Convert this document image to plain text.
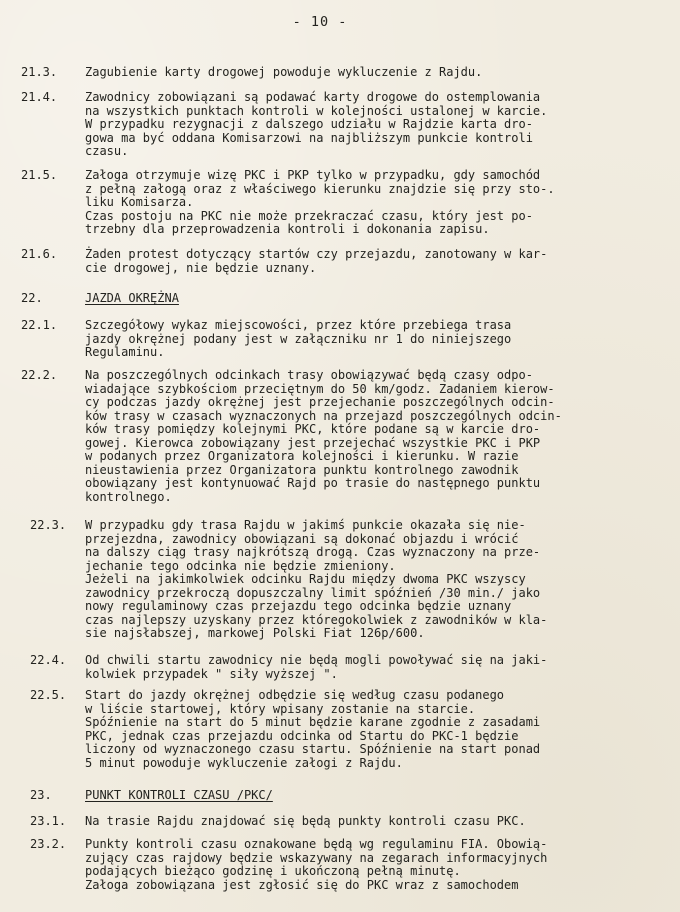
- 10 -
21.3. Zagubienie karty drogowej powoduje wykluczenie z Rajdu.
21.4. Zawodnicy zobowiązani są podawać karty drogowe do ostemplowania
na wszystkich punktach kontroli w kolejności ustalonej w karcie.
W przypadku rezygnacji z dalszego udziału w Rajdzie karta dro-
gowa ma być oddana Komisarzowi na najbliższym punkcie kontroli
czasu.
21.5. Załoga otrzymuje wizę PKC i PKP tylko w przypadku, gdy samochód
z pełną załogą oraz z właściwego kierunku znajdzie się przy sto-.
liku Komisarza.
Czas postoju na PKC nie może przekraczać czasu, który jest po-
trzebny dla przeprowadzenia kontroli i dokonania zapisu.
21.6. Żaden protest dotyczący startów czy przejazdu, zanotowany w kar-
cie drogowej, nie będzie uznany.
22.	JAZDA OKRĘŻNA
22.1. Szczegółowy wykaz miejscowości, przez które przebiega trasa
jazdy okrężnej podany jest w załączniku nr 1 do niniejszego
Regulaminu.
22.2. Na poszczególnych odcinkach trasy obowiązywać będą czasy odpo-
wiadające szybkościom przeciętnym do 50 km/godz. Zadaniem kierow-
cy podczas jazdy okrężnej jest przejechanie poszczególnych odcin-
ków trasy w czasach wyznaczonych na przejazd poszczególnych odcin-
ków trasy pomiędzy kolejnymi PKC, które podane są w karcie dro-
gowej. Kierowca zobowiązany jest przejechać wszystkie PKC i PKP
w podanych przez Organizatora kolejności i kierunku. W razie
nieustawienia przez Organizatora punktu kontrolnego zawodnik
obowiązany jest kontynuować Rajd po trasie do następnego punktu
kontrolnego.
22.3. W przypadku gdy trasa Rajdu w jakimś punkcie okazała się nie-
przejezdna, zawodnicy obowiązani są dokonać objazdu i wrócić
na dalszy ciąg trasy najkrótszą drogą. Czas wyznaczony na prze-
jechanie tego odcinka nie będzie zmieniony.
Jeżeli na jakimkolwiek odcinku Rajdu między dwoma PKC wszyscy
zawodnicy przekroczą dopuszczalny limit spóźnień /30 min./ jako
nowy regulaminowy czas przejazdu tego odcinka będzie uznany
czas najlepszy uzyskany przez któregokolwiek z zawodników w kla-
sie najsłabszej, markowej Polski Fiat 126p/600.
22.4. Od chwili startu zawodnicy nie będą mogli powoływać się na jaki-
kolwiek przypadek " siły wyższej ".
22.5. Start do jazdy okrężnej odbędzie się według czasu podanego
w liście startowej, który wpisany zostanie na starcie.
Spóźnienie na start do 5 minut będzie karane zgodnie z zasadami
PKC, jednak czas przejazdu odcinka od Startu do PKC-1 będzie
liczony od wyznaczonego czasu startu. Spóźnienie na start ponad
5 minut powoduje wykluczenie załogi z Rajdu.
23.	PUNKT KONTROLI CZASU /PKC/
23.1. Na trasie Rajdu znajdować się będą punkty kontroli czasu PKC.
23.2. Punkty kontroli czasu oznakowane będą wg regulaminu FIA. Obowią-
zujący czas rajdowy będzie wskazywany na zegarach informacyjnych
podających bieżąco godzinę i ukończoną pełną minutę.
Załoga zobowiązana jest zgłosić się do PKC wraz z samochodem
